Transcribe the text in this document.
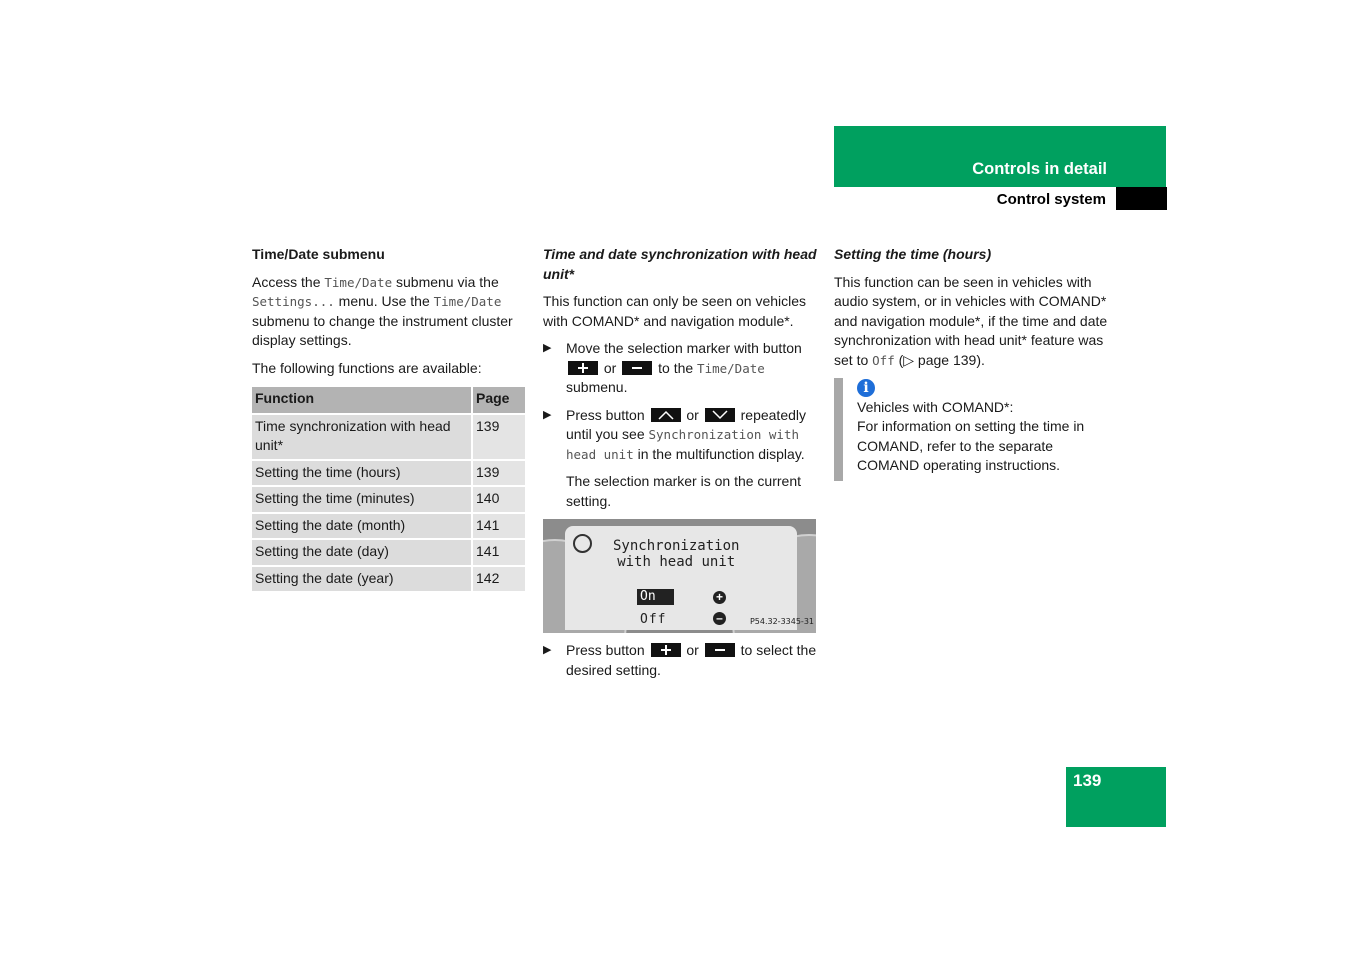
Controls in detail
Control system
Time/Date submenu

Access the Time/Date submenu via the Settings... menu. Use the Time/Date submenu to change the instrument cluster display settings.

The following functions are available:

Function	Page
Time synchronization with head unit*	139
Setting the time (hours)	139
Setting the time (minutes)	140
Setting the date (month)	141
Setting the date (day)	141
Setting the date (year)	142
Time and date synchronization with head unit*

This function can only be seen on vehicles with COMAND* and navigation module*.

▶ Move the selection marker with button
or	to the Time/Date submenu.
▶ Press button	or	repeatedly until you see Synchronization with head unit in the multifunction display.
The selection marker is on the current setting.
Synchronization
with head unit
On
Off
+
–	P54.32-3345-31
▶ Press button	or	to select the desired setting.
Setting the time (hours)

This function can be seen in vehicles with audio system, or in vehicles with COMAND* and navigation module*, if the time and date synchronization with head unit* feature was set to Off (▷ page 139).

i
Vehicles with COMAND*:
For information on setting the time in COMAND, refer to the separate COMAND operating instructions.
139
